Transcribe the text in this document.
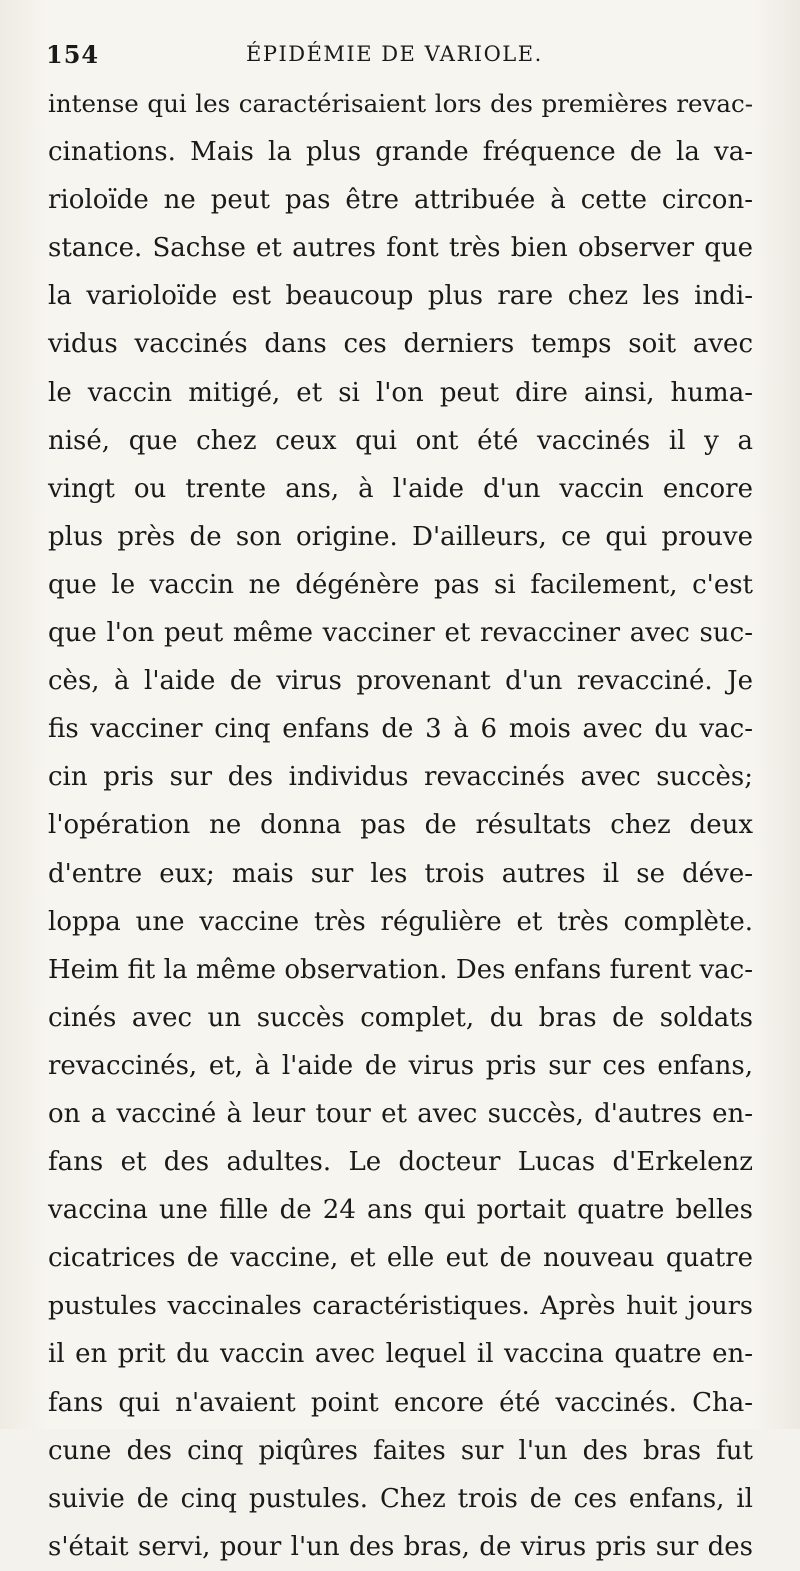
154	ÉPIDÉMIE DE VARIOLE.
intense qui les caractérisaient lors des premières revac-
cinations. Mais la plus grande fréquence de la va-
rioloïde ne peut pas être attribuée à cette circon-
stance. Sachse et autres font très bien observer que
la varioloïde est beaucoup plus rare chez les indi-
vidus vaccinés dans ces derniers temps soit avec
le vaccin mitigé, et si l'on peut dire ainsi, huma-
nisé, que chez ceux qui ont été vaccinés il y a
vingt ou trente ans, à l'aide d'un vaccin encore
plus près de son origine. D'ailleurs, ce qui prouve
que le vaccin ne dégénère pas si facilement, c'est
que l'on peut même vacciner et revacciner avec suc-
cès, à l'aide de virus provenant d'un revacciné. Je
fis vacciner cinq enfans de 3 à 6 mois avec du vac-
cin pris sur des individus revaccinés avec succès;
l'opération ne donna pas de résultats chez deux
d'entre eux; mais sur les trois autres il se déve-
loppa une vaccine très régulière et très complète.
Heim fit la même observation. Des enfans furent vac-
cinés avec un succès complet, du bras de soldats
revaccinés, et, à l'aide de virus pris sur ces enfans,
on a vacciné à leur tour et avec succès, d'autres en-
fans et des adultes. Le docteur Lucas d'Erkelenz
vaccina une fille de 24 ans qui portait quatre belles
cicatrices de vaccine, et elle eut de nouveau quatre
pustules vaccinales caractéristiques. Après huit jours
il en prit du vaccin avec lequel il vaccina quatre en-
fans qui n'avaient point encore été vaccinés. Cha-
cune des cinq piqûres faites sur l'un des bras fut
suivie de cinq pustules. Chez trois de ces enfans, il
s'était servi, pour l'un des bras, de virus pris sur des
